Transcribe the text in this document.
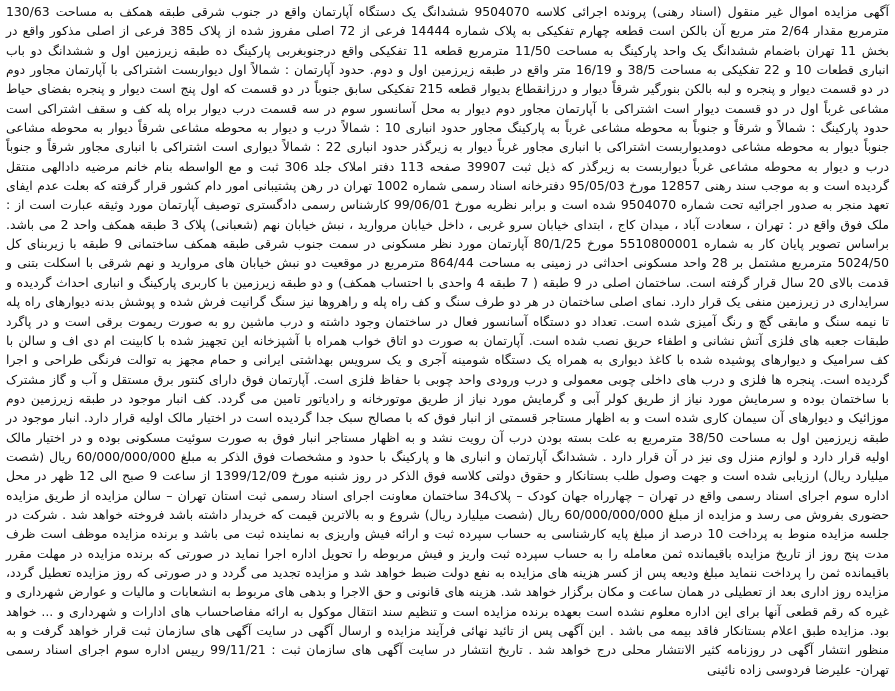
آگهی مزایده اموال غیر منقول (اسناد رهنی) پرونده اجرائی کلاسه 9504070 ششدانگ یک دستگاه آپارتمان واقع در جنوب شرقی طبقه همکف به مساحت 130/63 مترمربع مقدار 2/64 متر مربع آن بالکن است قطعه چهارم تفکیکی به پلاک شماره 14444 فرعی از 72 اصلی مفروز شده از پلاک 385 فرعی از اصلی مذکور واقع در بخش 11 تهران باضمام ششدانگ یک واحد پارکینگ به مساحت 11/50 مترمربع قطعه 11 تفکیکی واقع درجنوبغربی پارکینگ ده طبقه زیرزمین اول و ششدانگ دو باب انباری قطعات 10 و 22 تفکیکی به مساحت 38/5 و 16/19 متر واقع در طبقه زیرزمین اول و دوم. حدود آپارتمان : شمالاً اول دیواربست اشتراکی با آپارتمان مجاور دوم در دو قسمت دیوار و پنجره و لبه بالکن بنورگیر شرقاً دیوار و درزانقطاع بدیوار قطعه 215 تفکیکی سابق جنوباً در دو قسمت که اول پنج است دیوار و پنجره بفضای حیاط مشاعی غرباً اول در دو قسمت دیوار است اشتراکی با آپارتمان مجاور دوم دیوار به محل آسانسور سوم در سه قسمت درب دیوار براه پله کف و سقف اشتراکی است حدود پارکینگ : شمالاً و شرقاً و جنوباً به محوطه مشاعی غرباً به پارکینگ مجاور حدود انباری 10 : شمالاً درب و دیوار به محوطه مشاعی شرقاً دیوار به محوطه مشاعی جنوباً دیوار به محوطه مشاعی دومدیواربست اشتراکی با انباری مجاور غرباً دیوار به زیرگذر حدود انباری 22 : شمالاً دیواری است اشتراکی با انباری مجاور شرقاً و جنوباً درب و دیوار به محوطه مشاعی غرباً دیواربست به زیرگذر که ذیل ثبت 39907 صفحه 113 دفتر املاک جلد 306 ثبت و مع الواسطه بنام خانم مرضیه دادالهی منتقل گردیده است و به موجب سند رهنی 12857 مورخ 95/05/03 دفترخانه اسناد رسمی شماره 1002 تهران در رهن پشتیبانی امور دام کشور قرار گرفته که بعلت عدم ایفای تعهد منجر به صدور اجرائیه تحت شماره 9504070 شده است و برابر نظریه مورخ 99/06/01 کارشناس رسمی دادگستری توصیف آپارتمان مورد وثیقه عبارت است از : ملک فوق واقع در : تهران ، سعادت آباد ، میدان کاج ، ابتدای خیابان سرو غربی ، داخل خیابان مروارید ، نبش خیابان نهم (شعبانی) پلاک 3 طبقه همکف واحد 2 می باشد. براساس تصویر پایان کار به شماره 5510800001 مورخ 80/1/25 آپارتمان مورد نظر مسکونی در سمت جنوب شرقی طبقه همکف ساختمانی 9 طبقه با زیربنای کل 5024/50 مترمربع مشتمل بر 28 واحد مسکونی احداثی در زمینی به مساحت 864/44 مترمربع در موقعیت دو نبش خیابان های مروارید و نهم شرقی با اسکلت بتنی و قدمت بالای 20 سال قرار گرفته است. ساختمان اصلی در 9 طبقه ( 7 طبقه 4 واحدی با احتساب همکف) و دو طبقه زیرزمین با کاربری پارکینگ و انباری احداث گردیده و سرایداری در زیرزمین منفی یک قرار دارد. نمای اصلی ساختمان در هر دو طرف سنگ و کف راه پله و راهروها نیز سنگ گرانیت فرش شده و پوشش بدنه دیوارهای راه پله تا نیمه سنگ و مابقی گچ و رنگ آمیزی شده است. تعداد دو دستگاه آسانسور فعال در ساختمان وجود داشته و درب ماشین رو به صورت ریموت برقی است و در پاگرد طبقات جعبه های فلزی آتش نشانی و اطفاء حریق نصب شده است. آپارتمان به صورت دو اتاق خواب همراه با آشپزخانه این تجهیز شده با کابینت ام دی اف و سالن با کف سرامیک و دیوارهای پوشیده شده با کاغذ دیواری به همراه یک دستگاه شومینه آجری و یک سرویس بهداشتی ایرانی و حمام مجهز به توالت فرنگی طراحی و اجرا گردیده است. پنجره ها فلزی و درب های داخلی چوبی معمولی و درب ورودی واحد چوبی با حفاظ فلزی است. آپارتمان فوق دارای کنتور برق مستقل و آب و گاز مشترک با ساختمان بوده و سرمایش مورد نیاز از طریق کولر آبی و گرمایش مورد نیاز از طریق موتورخانه و رادیاتور تامین می گردد. کف انبار موجود در طبقه زیرزمین دوم موزائیک و دیوارهای آن سیمان کاری شده است و به اظهار مستاجر قسمتی از انبار فوق که با مصالح سبک جدا گردیده است در اختیار مالک اولیه قرار دارد. انبار موجود در طبقه زیرزمین اول به مساحت 38/50 مترمربع به علت بسته بودن درب آن رویت نشد و به اظهار مستاجر انبار فوق به صورت سوئیت مسکونی بوده و در اختیار مالک اولیه قرار دارد و لوازم منزل وی نیز در آن قرار دارد . ششدانگ آپارتمان و انباری ها و پارکینگ با حدود و مشخصات فوق الذکر به مبلغ 60/000/000/000 ریال (شصت میلیارد ریال) ارزیابی شده است و جهت وصول طلب بستانکار و حقوق دولتی کلاسه فوق الذکر در روز شنبه مورخ 1399/12/09 از ساعت 9 صبح الی 12 ظهر در محل اداره سوم اجرای اسناد رسمی واقع در تهران – چهارراه جهان کودک – پلاک34 ساختمان معاونت اجرای اسناد رسمی ثبت استان تهران – سالن مزایده از طریق مزایده حضوری بفروش می رسد و مزایده از مبلغ 60/000/000/000 ریال (شصت میلیارد ریال) شروع و به بالاترین قیمت که خریدار داشته باشد فروخته خواهد شد . شرکت در جلسه مزایده منوط به پرداخت 10 درصد از مبلغ پایه کارشناسی به حساب سپرده ثبت و ارائه فیش واریزی به نماینده ثبت می باشد و برنده مزایده موظف است ظرف مدت پنج روز از تاریخ مزایده باقیمانده ثمن معامله را به حساب سپرده ثبت واریز و فیش مربوطه را تحویل اداره اجرا نماید در صورتی که برنده مزایده در مهلت مقرر باقیمانده ثمن را پرداخت ننماید مبلغ ودیعه پس از کسر هزینه های مزایده به نفع دولت ضبط خواهد شد و مزایده تجدید می گردد و در صورتی که روز مزایده تعطیل گردد، مزایده روز اداری بعد از تعطیلی در همان ساعت و مکان برگزار خواهد شد. هزینه های قانونی و حق الاجرا و بدهی های مربوط به انشعابات و مالیات و عوارض شهرداری و غیره که رقم قطعی آنها برای این اداره معلوم نشده است بعهده برنده مزایده است و تنظیم سند انتقال موکول به ارائه مفاصاحساب های ادارات و شهرداری و ... خواهد بود. مزایده طبق اعلام بستانکار فاقد بیمه می باشد . این آگهی پس از تائید نهائی فرآیند مزایده و ارسال آگهی در سایت آگهی های سازمان ثبت قرار خواهد گرفت و به منظور انتشار آگهی در روزنامه کثیر الانتشار محلی درج خواهد شد . تاریخ انتشار در سایت آگهی های سازمان ثبت : 99/11/21 رییس اداره سوم اجرای اسناد رسمی تهران- علیرضا فردوسی زاده نائینی
